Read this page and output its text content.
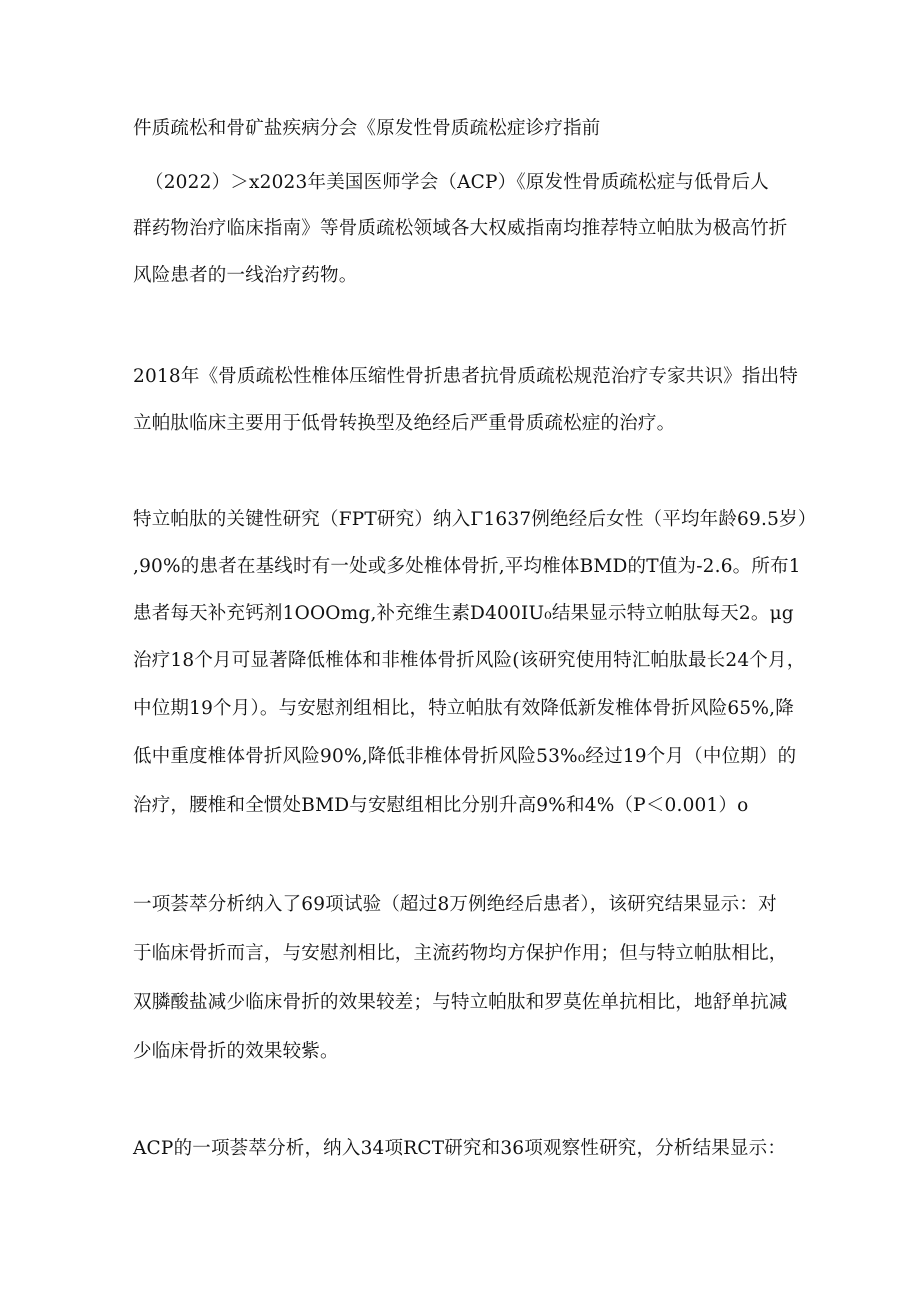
件质疏松和骨矿盐疾病分会《原发性骨质疏松症诊疗指前
（2022）＞x2023年美国医师学会（ACP）《原发性骨质疏松症与低骨后人
群药物治疗临床指南》等骨质疏松领域各大权威指南均推荐特立帕肽为极高竹折
风险患者的一线治疗药物。
2018年《骨质疏松性椎体压缩性骨折患者抗骨质疏松规范治疗专家共识》指出特
立帕肽临床主要用于低骨转换型及绝经后严重骨质疏松症的治疗。
特立帕肽的关键性研究（FPT研究）纳入Γ1637例绝经后女性（平均年龄69.5岁）
,90%的患者在基线时有一处或多处椎体骨折,平均椎体BMD的T值为-2.6。所布1
患者每天补充钙剂1OOOmg,补充维生素D400IU₀结果显示特立帕肽每天2。μg
治疗18个月可显著降低椎体和非椎体骨折风险(该研究使用特汇帕肽最长24个月，
中位期19个月）。与安慰剂组相比，特立帕肽有效降低新发椎体骨折风险65%,降
低中重度椎体骨折风险90%,降低非椎体骨折风险53%₀经过19个月（中位期）的
治疗，腰椎和全惯处BMD与安慰组相比分别升高9%和4%（P＜0.001）o
一项荟萃分析纳入了69项试验（超过8万例绝经后患者），该研究结果显示：对
于临床骨折而言，与安慰剂相比，主流药物均方保护作用；但与特立帕肽相比，
双膦酸盐减少临床骨折的效果较差；与特立帕肽和罗莫佐单抗相比，地舒单抗减
少临床骨折的效果较紫。
ACP的一项荟萃分析，纳入34项RCT研究和36项观察性研究，分析结果显示：
